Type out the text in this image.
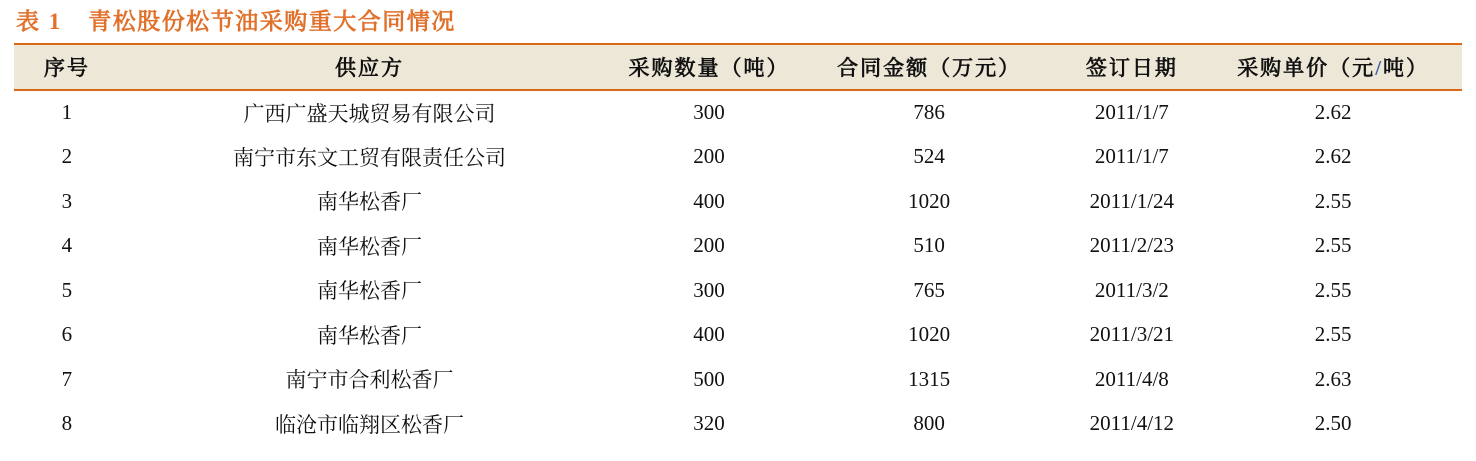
表 1 青松股份松节油采购重大合同情况
序号	供应方	采购数量（吨）	合同金额（万元）	签订日期	采购单价（元/吨）
1	广西广盛天城贸易有限公司	300	786	2011/1/7	2.62
2	南宁市东文工贸有限责任公司	200	524	2011/1/7	2.62
3	南华松香厂	400	1020	2011/1/24	2.55
4	南华松香厂	200	510	2011/2/23	2.55
5	南华松香厂	300	765	2011/3/2	2.55
6	南华松香厂	400	1020	2011/3/21	2.55
7	南宁市合利松香厂	500	1315	2011/4/8	2.63
8	临沧市临翔区松香厂	320	800	2011/4/12	2.50
